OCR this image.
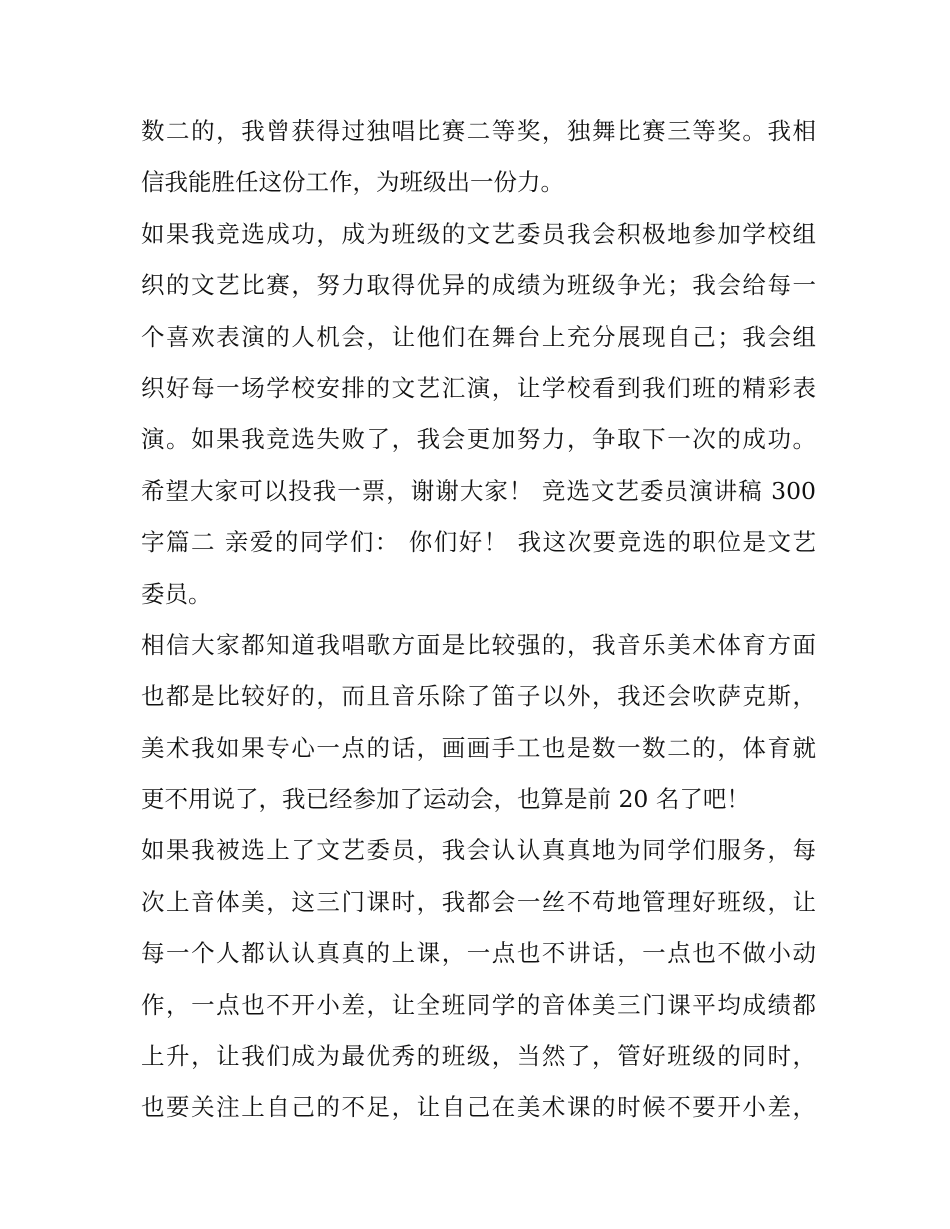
数二的，我曾获得过独唱比赛二等奖，独舞比赛三等奖。我相
信我能胜任这份工作，为班级出一份力。
如果我竞选成功，成为班级的文艺委员我会积极地参加学校组
织的文艺比赛，努力取得优异的成绩为班级争光；我会给每一
个喜欢表演的人机会，让他们在舞台上充分展现自己；我会组
织好每一场学校安排的文艺汇演，让学校看到我们班的精彩表
演。如果我竞选失败了，我会更加努力，争取下一次的成功。
希望大家可以投我一票，谢谢大家！ 竞选文艺委员演讲稿 300
字篇二 亲爱的同学们： 你们好！ 我这次要竞选的职位是文艺
委员。
相信大家都知道我唱歌方面是比较强的，我音乐美术体育方面
也都是比较好的，而且音乐除了笛子以外，我还会吹萨克斯，
美术我如果专心一点的话，画画手工也是数一数二的，体育就
更不用说了，我已经参加了运动会，也算是前 20 名了吧！
如果我被选上了文艺委员，我会认认真真地为同学们服务，每
次上音体美，这三门课时，我都会一丝不苟地管理好班级，让
每一个人都认认真真的上课，一点也不讲话，一点也不做小动
作，一点也不开小差，让全班同学的音体美三门课平均成绩都
上升，让我们成为最优秀的班级，当然了，管好班级的同时，
也要关注上自己的不足，让自己在美术课的时候不要开小差，
